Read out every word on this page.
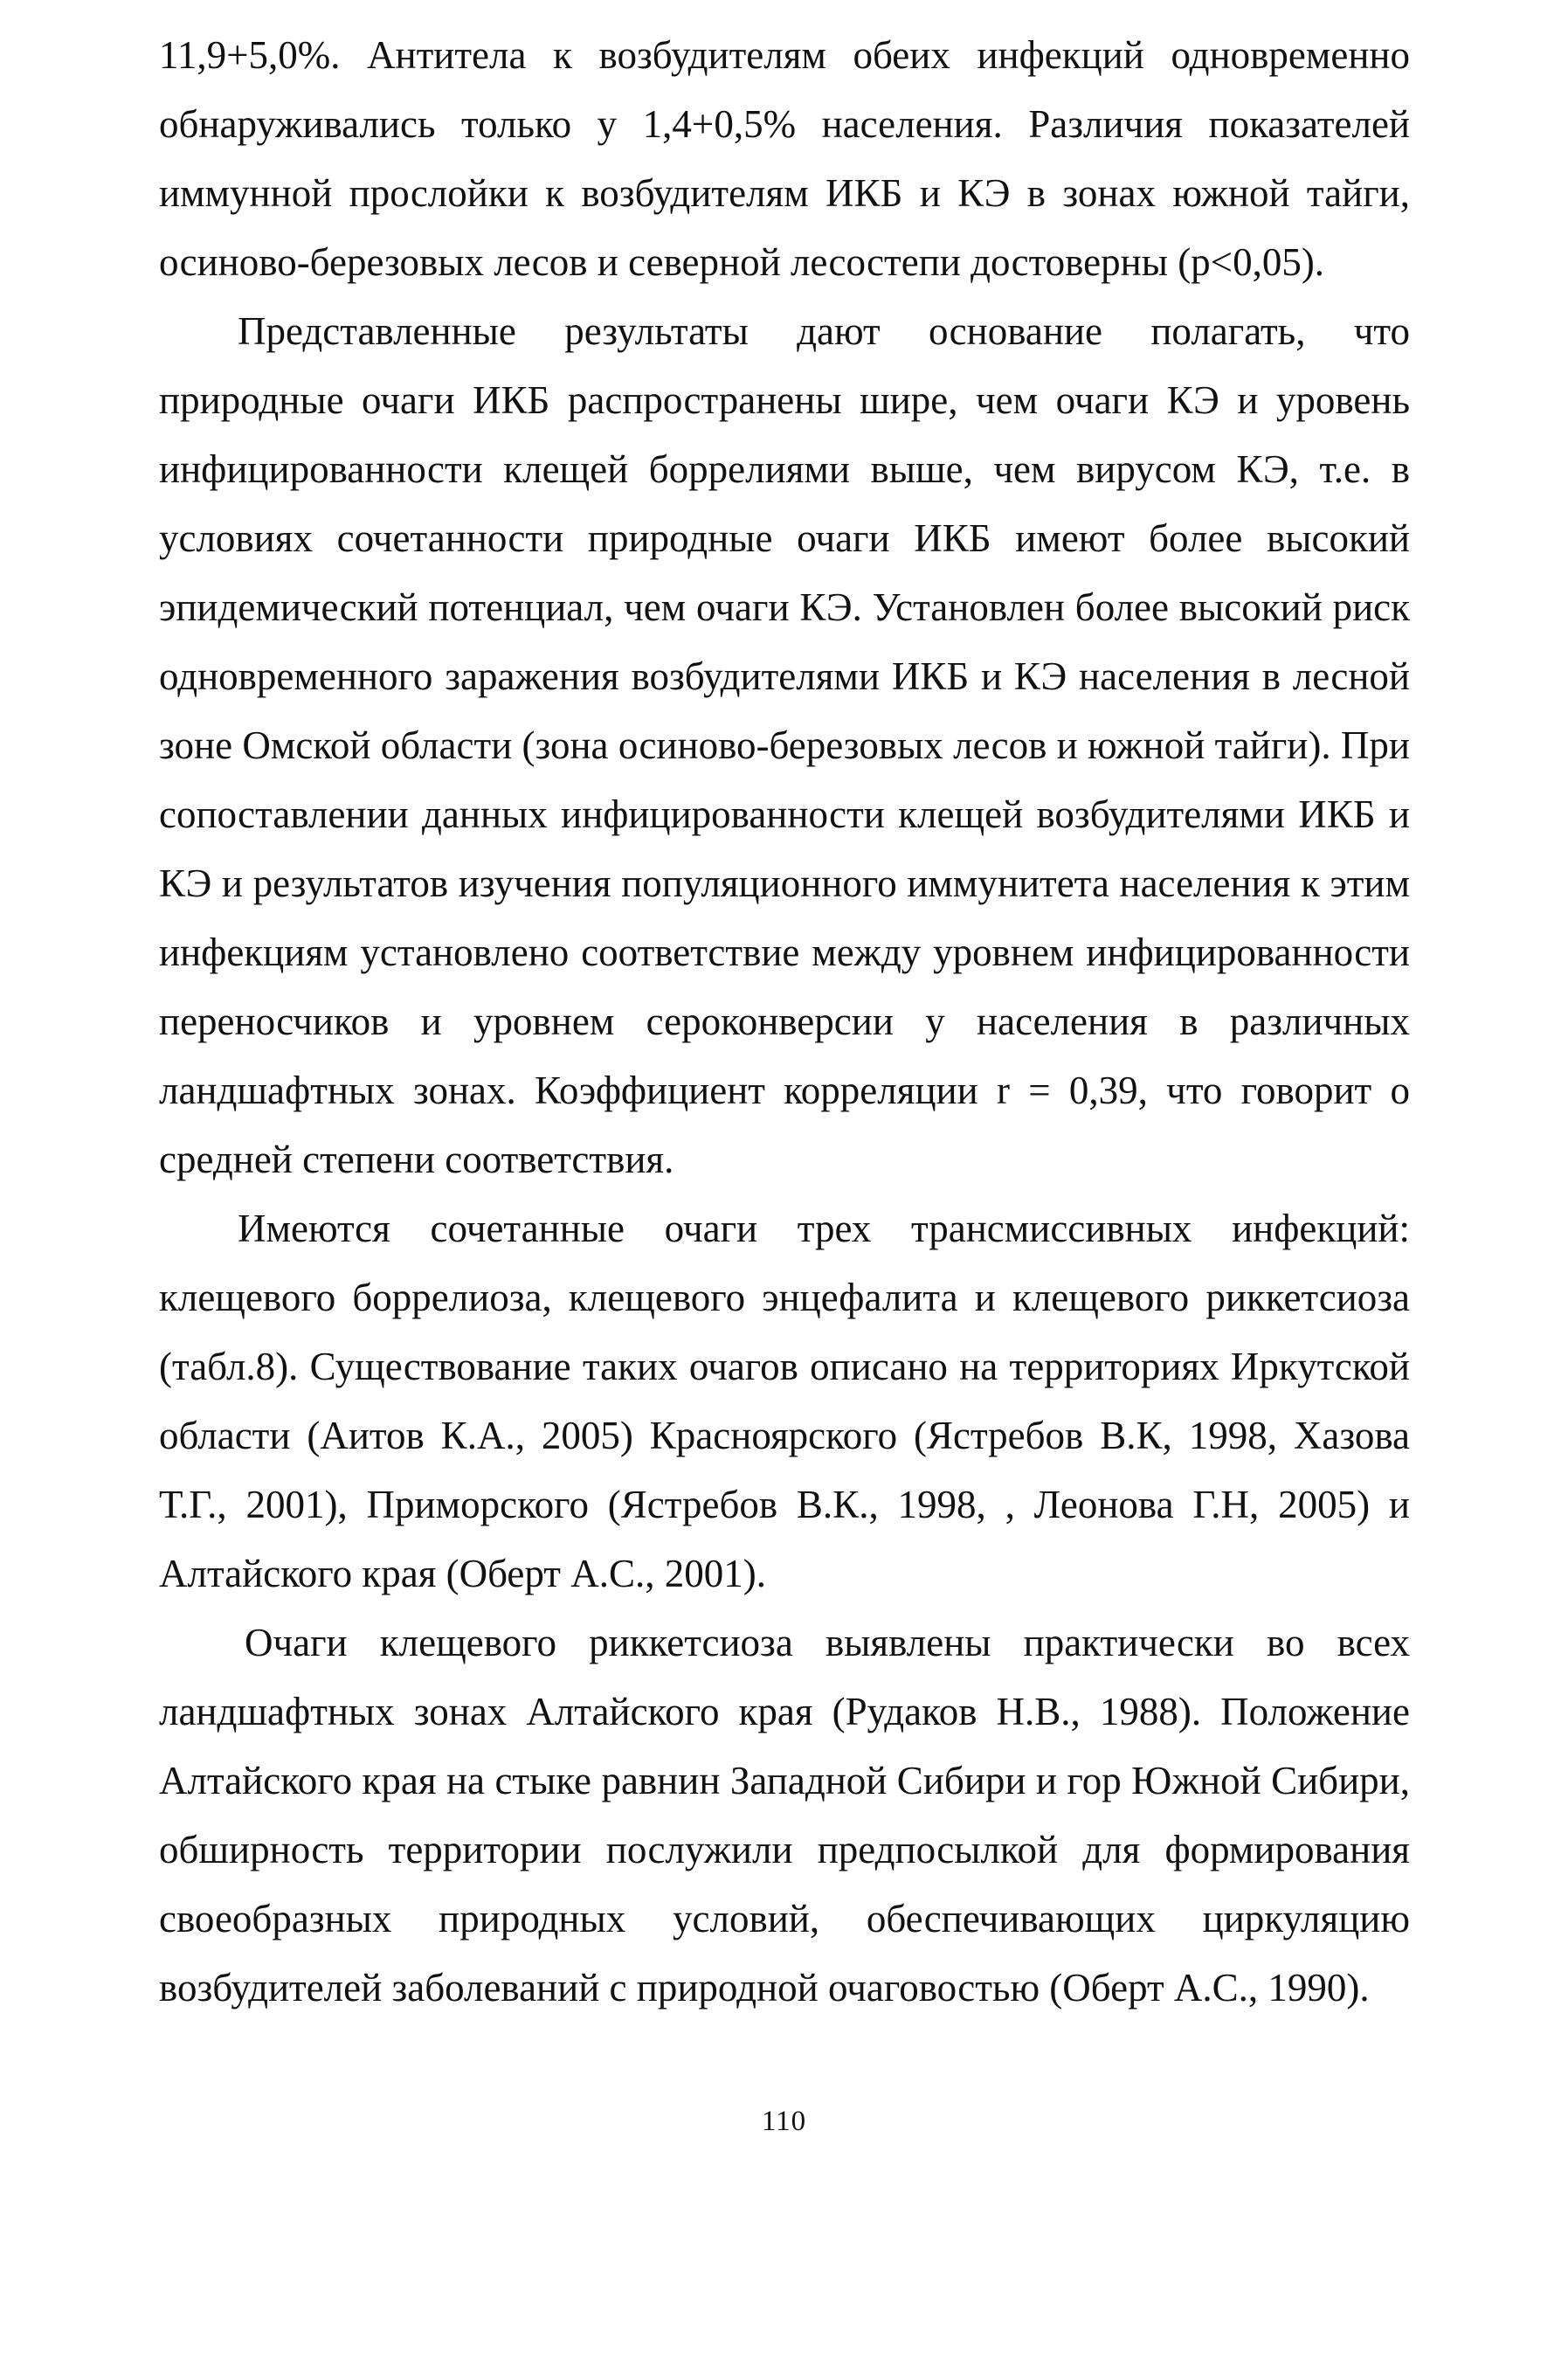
11,9+5,0%. Антитела к возбудителям обеих инфекций одновременно обнаруживались только у 1,4+0,5% населения. Различия показателей иммунной прослойки к возбудителям ИКБ и КЭ в зонах южной тайги, осиново-березовых лесов и северной лесостепи достоверны (р<0,05).

Представленные результаты дают основание полагать, что природные очаги ИКБ распространены шире, чем очаги КЭ и уровень инфицированности клещей боррелиями выше, чем вирусом КЭ, т.е. в условиях сочетанности природные очаги ИКБ имеют более высокий эпидемический потенциал, чем очаги КЭ. Установлен более высокий риск одновременного заражения возбудителями ИКБ и КЭ населения в лесной зоне Омской области (зона осиново-березовых лесов и южной тайги). При сопоставлении данных инфицированности клещей возбудителями ИКБ и КЭ и результатов изучения популяционного иммунитета населения к этим инфекциям установлено соответствие между уровнем инфицированности переносчиков и уровнем сероконверсии у населения в различных ландшафтных зонах. Коэффициент корреляции r = 0,39, что говорит о средней степени соответствия.

Имеются сочетанные очаги трех трансмиссивных инфекций: клещевого боррелиоза, клещевого энцефалита и клещевого риккетсиоза (табл.8). Существование таких очагов описано на территориях Иркутской области (Аитов К.А., 2005) Красноярского (Ястребов В.К, 1998, Хазова Т.Г., 2001), Приморского (Ястребов В.К., 1998, , Леонова Г.Н, 2005) и Алтайского края (Оберт А.С., 2001).

Очаги клещевого риккетсиоза выявлены практически во всех ландшафтных зонах Алтайского края (Рудаков Н.В., 1988). Положение Алтайского края на стыке равнин Западной Сибири и гор Южной Сибири, обширность территории послужили предпосылкой для формирования своеобразных природных условий, обеспечивающих циркуляцию возбудителей заболеваний с природной очаговостью (Оберт А.С., 1990).

110
